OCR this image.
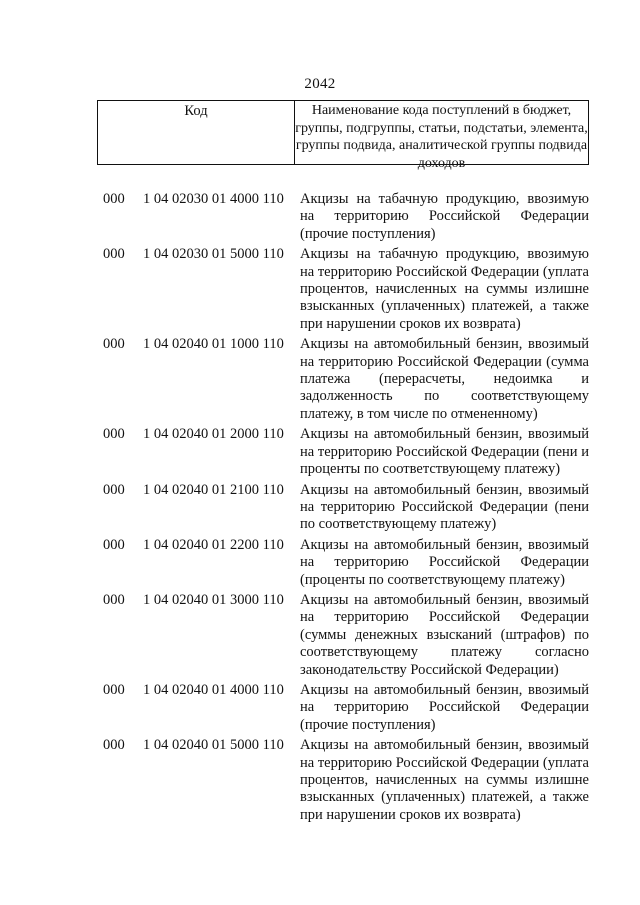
2042
Код	Наименование кода поступлений в бюджет, группы, подгруппы, статьи, подстатьи, элемента, группы подвида, аналитической группы подвида доходов
000	1 04 02030 01 4000 110	Акцизы на табачную продукцию, ввозимую на территорию Российской Федерации (прочие поступления)
000	1 04 02030 01 5000 110	Акцизы на табачную продукцию, ввозимую на территорию Российской Федерации (уплата процентов, начисленных на суммы излишне взысканных (уплаченных) платежей, а также при нарушении сроков их возврата)
000	1 04 02040 01 1000 110	Акцизы на автомобильный бензин, ввозимый на территорию Российской Федерации (сумма платежа (перерасчеты, недоимка и задолженность по соответствующему платежу, в том числе по отмененному)
000	1 04 02040 01 2000 110	Акцизы на автомобильный бензин, ввозимый на территорию Российской Федерации (пени и проценты по соответствующему платежу)
000	1 04 02040 01 2100 110	Акцизы на автомобильный бензин, ввозимый на территорию Российской Федерации (пени по соответствующему платежу)
000	1 04 02040 01 2200 110	Акцизы на автомобильный бензин, ввозимый на территорию Российской Федерации (проценты по соответствующему платежу)
000	1 04 02040 01 3000 110	Акцизы на автомобильный бензин, ввозимый на территорию Российской Федерации (суммы денежных взысканий (штрафов) по соответствующему платежу согласно законодательству Российской Федерации)
000	1 04 02040 01 4000 110	Акцизы на автомобильный бензин, ввозимый на территорию Российской Федерации (прочие поступления)
000	1 04 02040 01 5000 110	Акцизы на автомобильный бензин, ввозимый на территорию Российской Федерации (уплата процентов, начисленных на суммы излишне взысканных (уплаченных) платежей, а также при нарушении сроков их возврата)
